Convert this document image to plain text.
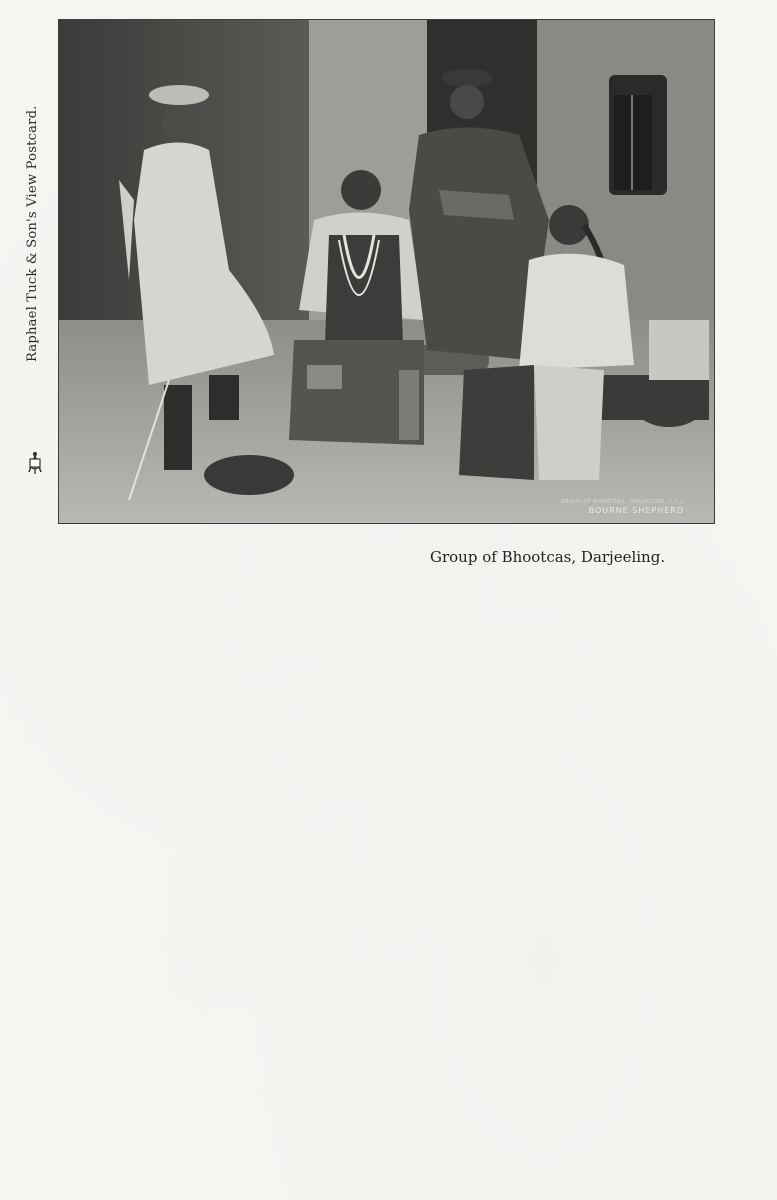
Raphael Tuck & Son's View Postcard.
GROUP OF BHOOTEAS, DARJEELING. 1.1.1
BOURNE SHEPHERD
Group of Bhootcas, Darjeeling.
